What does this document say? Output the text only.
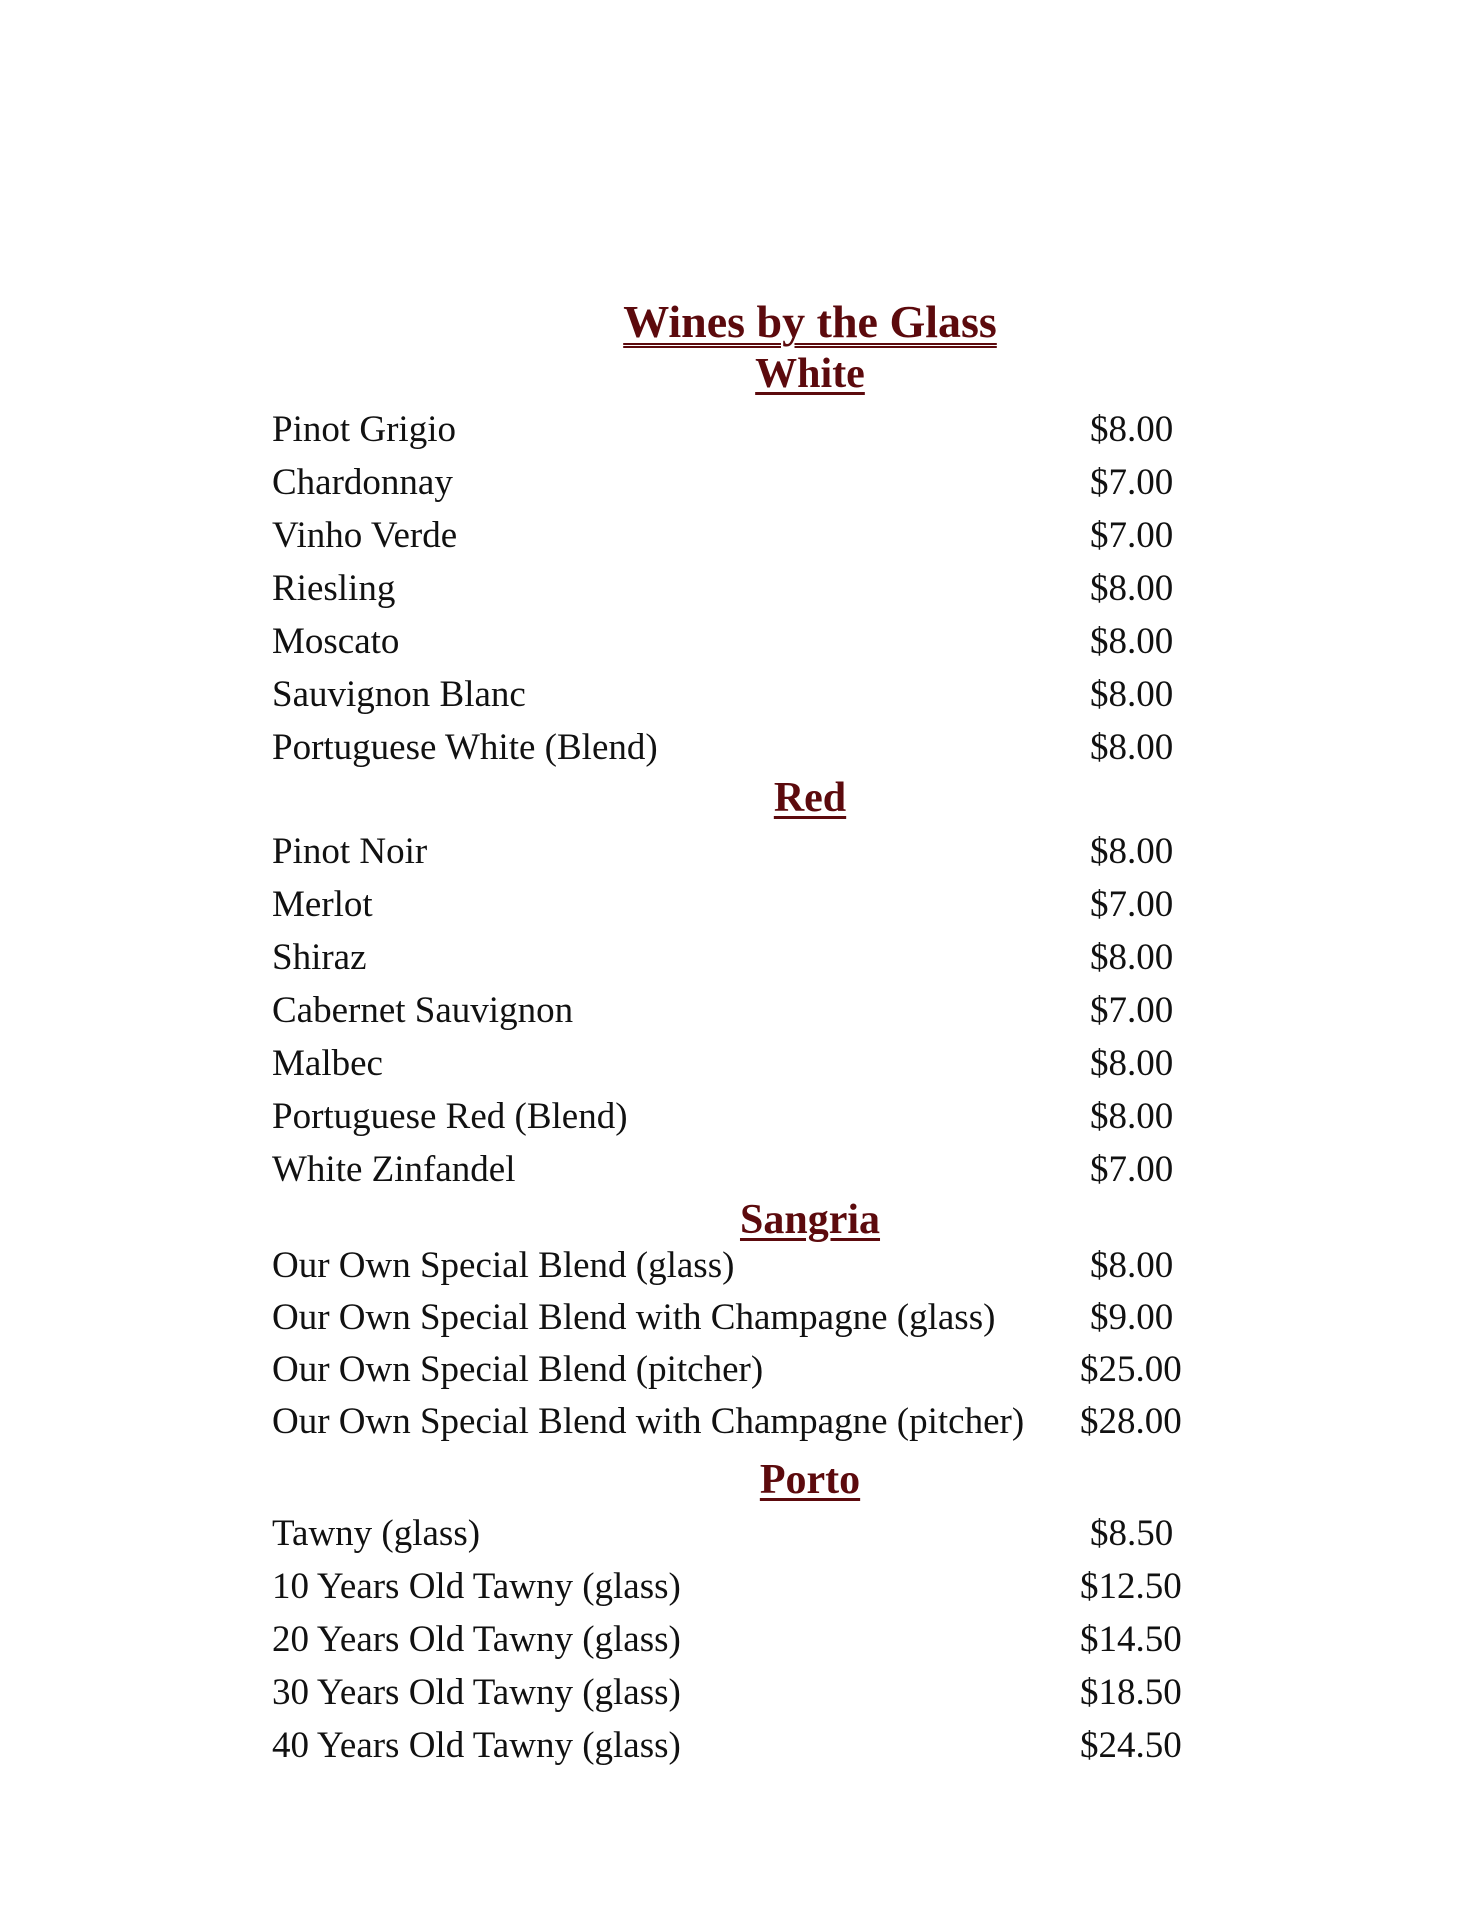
Wines by the Glass
White
Pinot Grigio	$8.00
Chardonnay	$7.00
Vinho Verde	$7.00
Riesling	$8.00
Moscato	$8.00
Sauvignon Blanc	$8.00
Portuguese White (Blend)	$8.00
Red
Pinot Noir	$8.00
Merlot	$7.00
Shiraz	$8.00
Cabernet Sauvignon	$7.00
Malbec	$8.00
Portuguese Red (Blend)	$8.00
White Zinfandel	$7.00
Sangria
Our Own Special Blend (glass)	$8.00
Our Own Special Blend with Champagne (glass)	$9.00
Our Own Special Blend (pitcher)	$25.00
Our Own Special Blend with Champagne (pitcher) $28.00
Porto
Tawny (glass)	$8.50
10 Years Old Tawny (glass)	$12.50
20 Years Old Tawny (glass)	$14.50
30 Years Old Tawny (glass)	$18.50
40 Years Old Tawny (glass)	$24.50
